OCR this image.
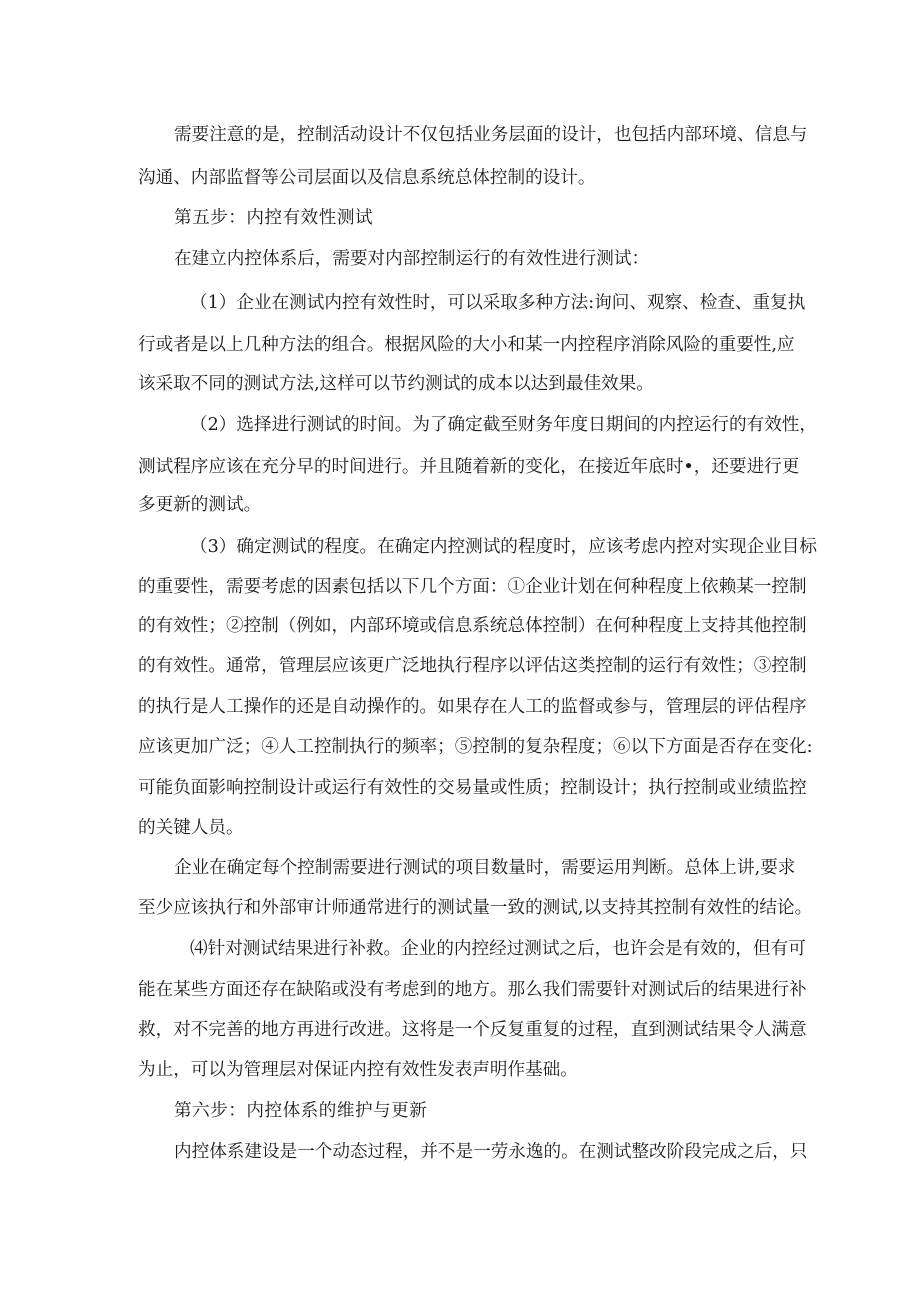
需要注意的是，控制活动设计不仅包括业务层面的设计，也包括内部环境、信息与
沟通、内部监督等公司层面以及信息系统总体控制的设计。
第五步：内控有效性测试
在建立内控体系后，需要对内部控制运行的有效性进行测试：
（1）企业在测试内控有效性时，可以采取多种方法:询问、观察、检查、重复执
行或者是以上几种方法的组合。根据风险的大小和某一内控程序消除风险的重要性,应
该采取不同的测试方法,这样可以节约测试的成本以达到最佳效果。
（2）选择进行测试的时间。为了确定截至财务年度日期间的内控运行的有效性，
测试程序应该在充分早的时间进行。并且随着新的变化，在接近年底时•，还要进行更
多更新的测试。
（3）确定测试的程度。在确定内控测试的程度时，应该考虑内控对实现企业目标
的重要性，需要考虑的因素包括以下几个方面：①企业计划在何种程度上依赖某一控制
的有效性；②控制（例如，内部环境或信息系统总体控制）在何种程度上支持其他控制
的有效性。通常，管理层应该更广泛地执行程序以评估这类控制的运行有效性；③控制
的执行是人工操作的还是自动操作的。如果存在人工的监督或参与，管理层的评估程序
应该更加广泛；④人工控制执行的频率；⑤控制的复杂程度；⑥以下方面是否存在变化:
可能负面影响控制设计或运行有效性的交易量或性质；控制设计；执行控制或业绩监控
的关键人员。
企业在确定每个控制需要进行测试的项目数量时，需要运用判断。总体上讲,要求
至少应该执行和外部审计师通常进行的测试量一致的测试,以支持其控制有效性的结论。
⑷针对测试结果进行补救。企业的内控经过测试之后，也许会是有效的，但有可
能在某些方面还存在缺陷或没有考虑到的地方。那么我们需要针对测试后的结果进行补
救，对不完善的地方再进行改进。这将是一个反复重复的过程，直到测试结果令人满意
为止，可以为管理层对保证内控有效性发表声明作基础。
第六步：内控体系的维护与更新
内控体系建设是一个动态过程，并不是一劳永逸的。在测试整改阶段完成之后，只
